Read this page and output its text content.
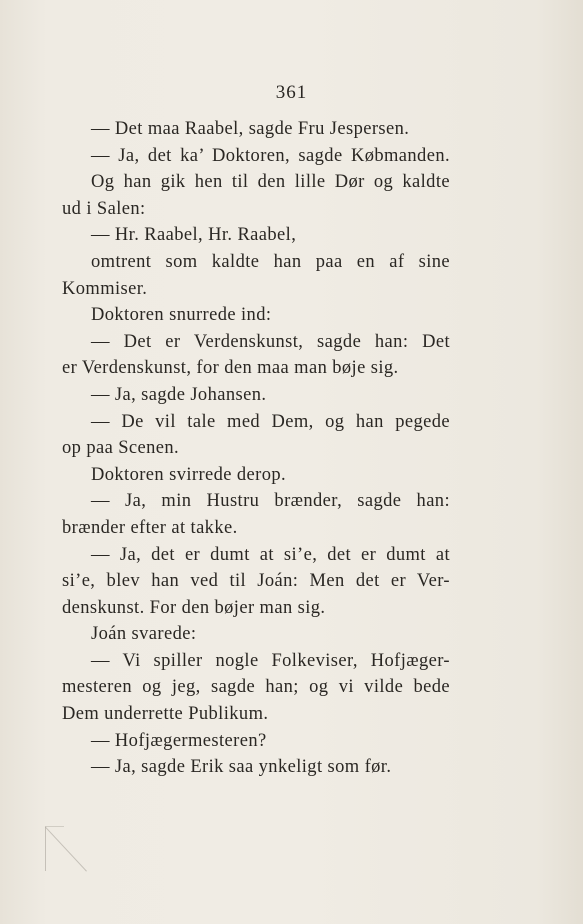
361
— Det maa Raabel, sagde Fru Jespersen.
— Ja, det ka’ Doktoren, sagde Købmanden.
Og han gik hen til den lille Dør og kaldte
ud i Salen:
— Hr. Raabel, Hr. Raabel,
omtrent som kaldte han paa en af sine
Kommiser.
Doktoren snurrede ind:
— Det er Verdenskunst, sagde han: Det
er Verdenskunst, for den maa man bøje sig.
— Ja, sagde Johansen.
— De vil tale med Dem, og han pegede
op paa Scenen.
Doktoren svirrede derop.
— Ja, min Hustru brænder, sagde han:
brænder efter at takke.
— Ja, det er dumt at si’e, det er dumt at
si’e, blev han ved til Joán: Men det er Ver-
denskunst. For den bøjer man sig.
Joán svarede:
— Vi spiller nogle Folkeviser, Hofjæger-
mesteren og jeg, sagde han; og vi vilde bede
Dem underrette Publikum.
— Hofjægermesteren?
— Ja, sagde Erik saa ynkeligt som før.
